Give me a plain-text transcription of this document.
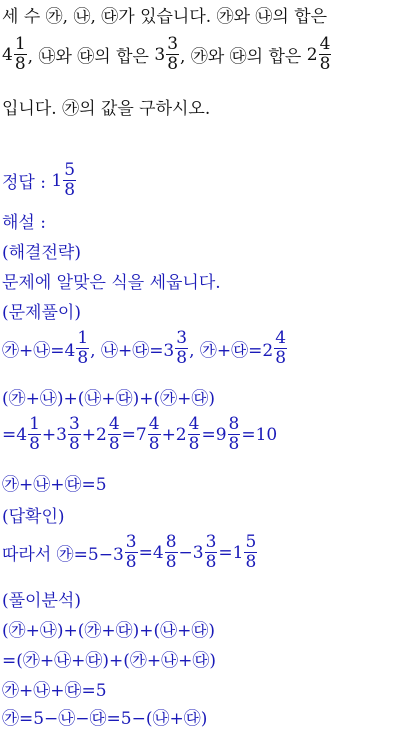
세 수 ㉮, ㉯, ㉰가 있습니다. ㉮와 ㉯의 합은
$4 \frac{1}{8}$ , ㉯와 ㉰의 합은 $3 \frac{3}{8}$ , ㉮와 ㉰의 합은 $2 \frac{4}{8}$
입니다. ㉮의 값을 구하시오.
정답 : $1 \frac{5}{8}$
해설 :
(해결전략)
문제에 알맞은 식을 세웁니다.
(문제풀이)
㉮+㉯=4 $\frac{1}{8}$ , ㉯+㉰=3 $\frac{3}{8}$ , ㉮+㉰=2 $\frac{4}{8}$
(㉮+㉯)+(㉯+㉰)+(㉮+㉰)
$=4 \frac{1}{8} +3 \frac{3}{8} +2 \frac{4}{8} =7 \frac{4}{8} +2 \frac{4}{8} =9 \frac{8}{8} =10$
㉮+㉯+㉰=5
(답확인)
따라서 ㉮=5−3 $\frac{3}{8} =4 \frac{8}{8} -3 \frac{3}{8} =1 \frac{5}{8}$
(풀이분석)
(㉮+㉯)+(㉮+㉰)+(㉯+㉰)
=(㉮+㉯+㉰)+(㉮+㉯+㉰)
㉮+㉯+㉰=5
㉮=5−㉯−㉰=5−(㉯+㉰)
